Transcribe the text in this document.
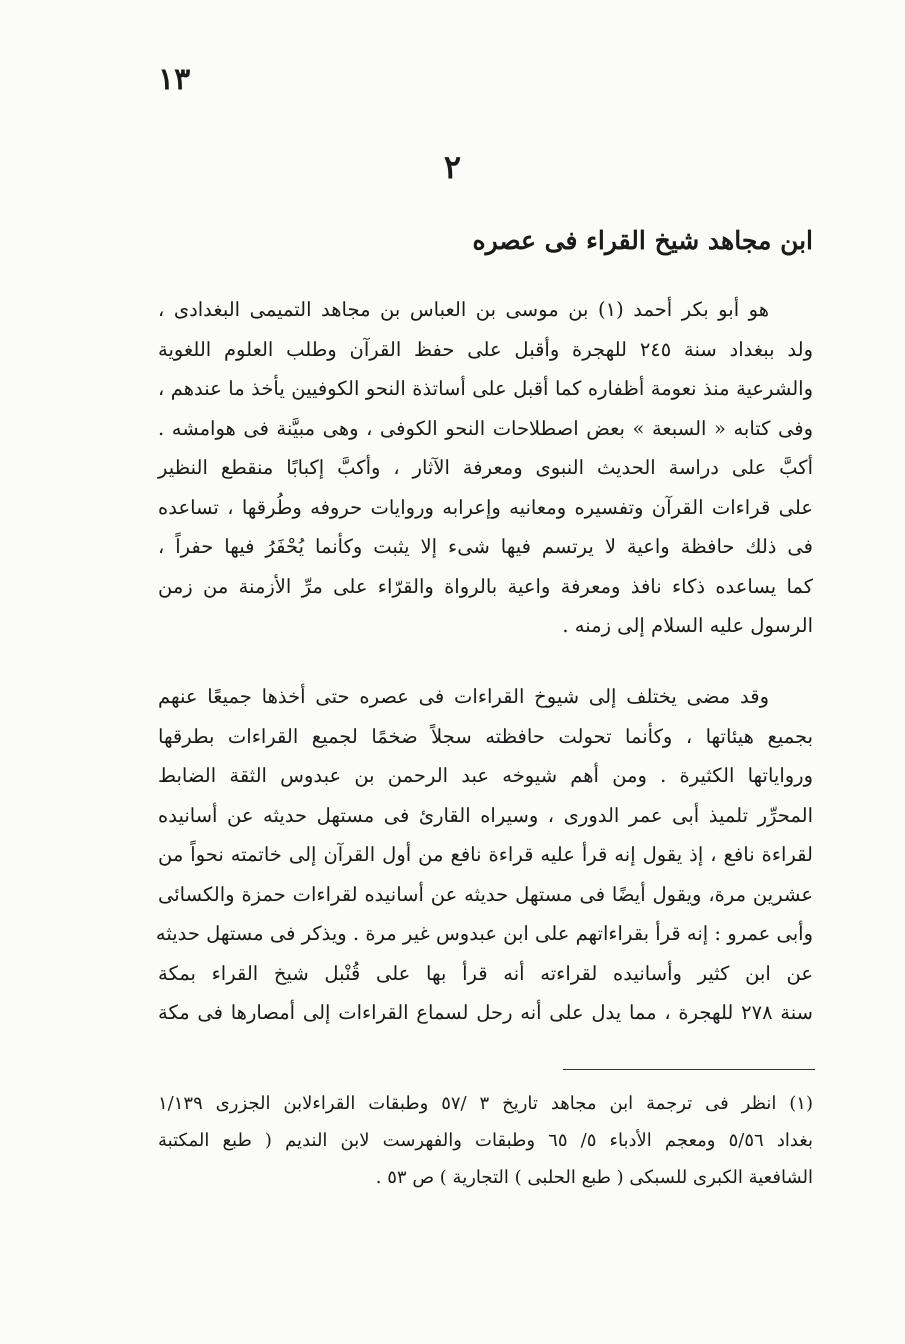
١٣
٢
ابن مجاهد شيخ القراء فى عصره
هو أبو بكر أحمد (١) بن موسى بن العباس بن مجاهد التميمى البغدادى ،
ولد ببغداد سنة ٢٤٥ للهجرة وأقبل على حفظ القرآن وطلب العلوم اللغوية
والشرعية منذ نعومة أظفاره كما أقبل على أساتذة النحو الكوفيين يأخذ ما عندهم ،
وفى كتابه « السبعة » بعض اصطلاحات النحو الكوفى ، وهى مبيَّنة فى هوامشه .
أكبَّ على دراسة الحديث النبوى ومعرفة الآثار ، وأكبَّ إكبابًا منقطع النظير
على قراءات القرآن وتفسيره ومعانيه وإعرابه وروايات حروفه وطُرقها ، تساعده
فى ذلك حافظة واعية لا يرتسم فيها شىء إلا يثبت وكأنما يُحْفَرُ فيها حفراً ،
كما يساعده ذكاء نافذ ومعرفة واعية بالرواة والقرّاء على مرِّ الأزمنة من زمن
الرسول عليه السلام إلى زمنه .
وقد مضى يختلف إلى شيوخ القراءات فى عصره حتى أخذها جميعًا عنهم
بجميع هيئاتها ، وكأنما تحولت حافظته سجلاً ضخمًا لجميع القراءات بطرقها
ورواياتها الكثيرة . ومن أهم شيوخه عبد الرحمن بن عبدوس الثقة الضابط
المحرِّر تلميذ أبى عمر الدورى ، وسيراه القارئ فى مستهل حديثه عن أسانيده
لقراءة نافع ، إذ يقول إنه قرأ عليه قراءة نافع من أول القرآن إلى خاتمته نحواً من
عشرين مرة، ويقول أيضًا فى مستهل حديثه عن أسانيده لقراءات حمزة والكسائى
وأبى عمرو : إنه قرأ بقراءاتهم على ابن عبدوس غير مرة . ويذكر فى مستهل حديثه
عن ابن كثير وأسانيده لقراءته أنه قرأ بها على قُنْبل شيخ القراء بمكة
سنة ٢٧٨ للهجرة ، مما يدل على أنه رحل لسماع القراءات إلى أمصارها فى مكة
(١) انظر فى ترجمة ابن مجاهد تاريخ ٣ /٥٧ وطبقات القراءلابن الجزرى ١/١٣٩
بغداد ٥/٥٦ ومعجم الأدباء ٥/ ٦٥ وطبقات والفهرست لابن النديم ( طبع المكتبة
الشافعية الكبرى للسبكى ( طبع الحلبى ) التجارية ) ص ٥٣ .
